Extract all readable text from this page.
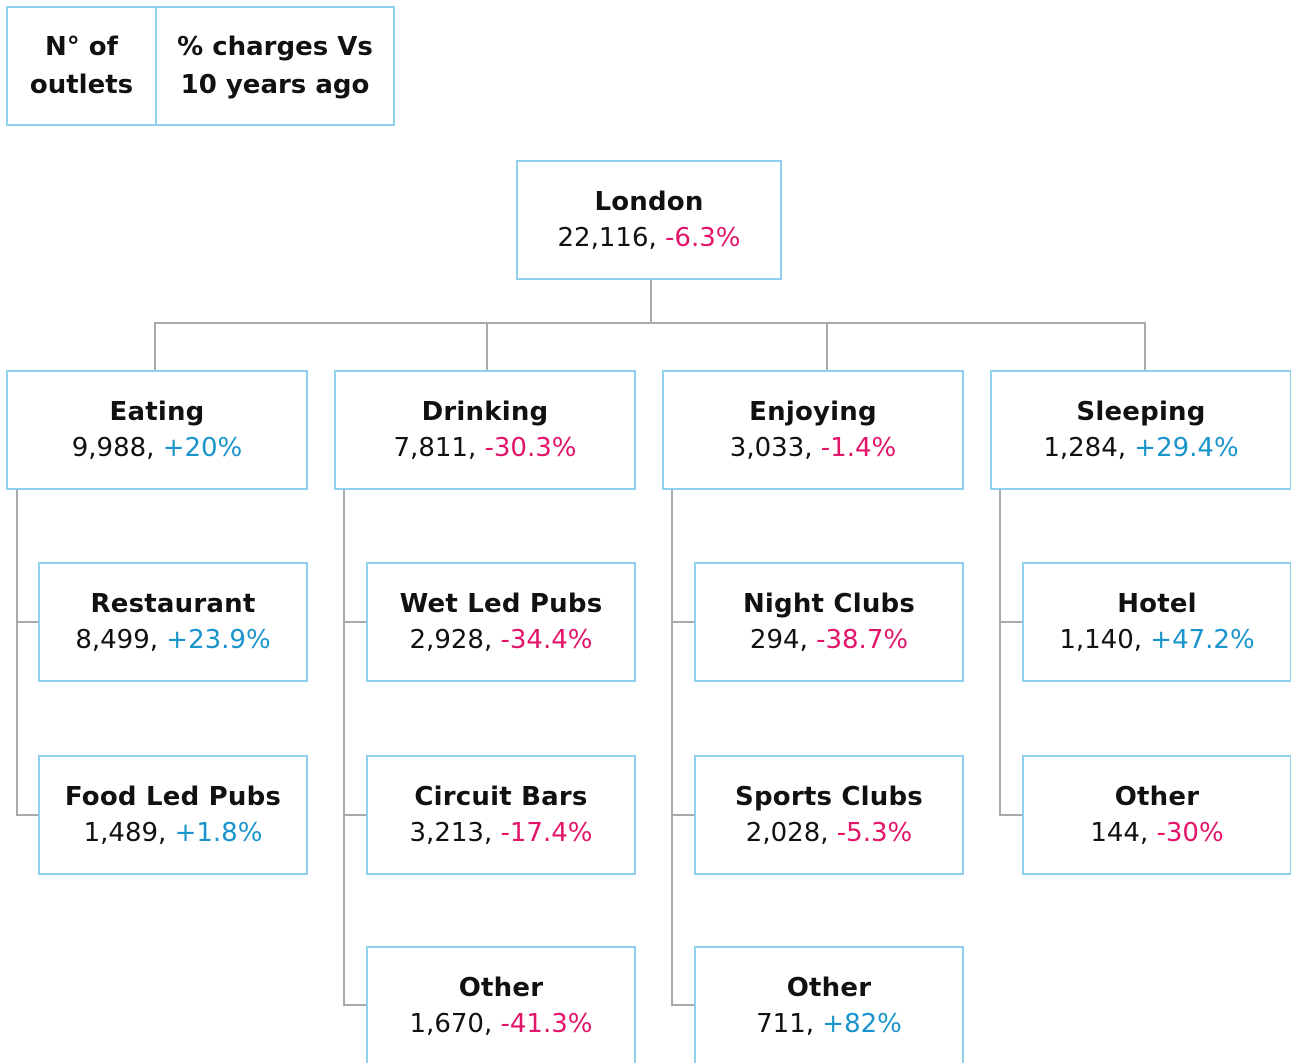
N° of
outlets
% charges Vs
10 years ago
London
22,116, -6.3%
Eating
9,988, +20%
Drinking
7,811, -30.3%
Enjoying
3,033, -1.4%
Sleeping
1,284, +29.4%
Restaurant
8,499, +23.9%
Food Led Pubs
1,489, +1.8%
Wet Led Pubs
2,928, -34.4%
Circuit Bars
3,213, -17.4%
Other
1,670, -41.3%
Night Clubs
294, -38.7%
Sports Clubs
2,028, -5.3%
Other
711, +82%
Hotel
1,140, +47.2%
Other
144, -30%
